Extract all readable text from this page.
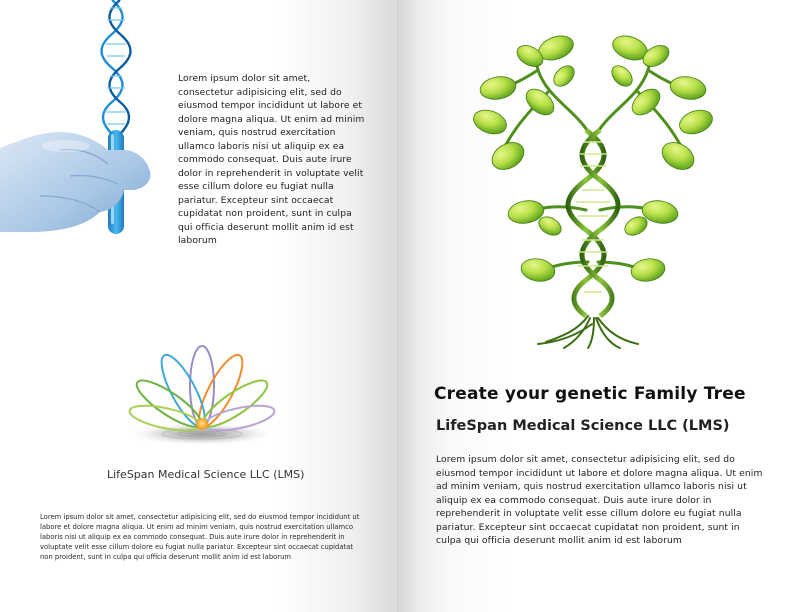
Lorem ipsum dolor sit amet, consectetur adipisicing elit, sed do eiusmod tempor incididunt ut labore et dolore magna aliqua. Ut enim ad minim veniam, quis nostrud exercitation ullamco laboris nisi ut aliquip ex ea commodo consequat. Duis aute irure dolor in reprehenderit in voluptate velit esse cillum dolore eu fugiat nulla pariatur. Excepteur sint occaecat cupidatat non proident, sunt in culpa qui officia deserunt mollit anim id est laborum

LifeSpan Medical Science LLC (LMS)

Lorem ipsum dolor sit amet, consectetur adipisicing elit, sed do eiusmod tempor incididunt ut labore et dolore magna aliqua. Ut enim ad minim veniam, quis nostrud exercitation ullamco laboris nisi ut aliquip ex ea commodo consequat. Duis aute irure dolor in reprehenderit in voluptate velit esse cillum dolore eu fugiat nulla pariatur. Excepteur sint occaecat cupidatat non proident, sunt in culpa qui officia deserunt mollit anim id est laborum

Create your genetic Family Tree
LifeSpan Medical Science LLC (LMS)

Lorem ipsum dolor sit amet, consectetur adipisicing elit, sed do eiusmod tempor incididunt ut labore et dolore magna aliqua. Ut enim ad minim veniam, quis nostrud exercitation ullamco laboris nisi ut aliquip ex ea commodo consequat. Duis aute irure dolor in reprehenderit in voluptate velit esse cillum dolore eu fugiat nulla pariatur. Excepteur sint occaecat cupidatat non proident, sunt in culpa qui officia deserunt mollit anim id est laborum
